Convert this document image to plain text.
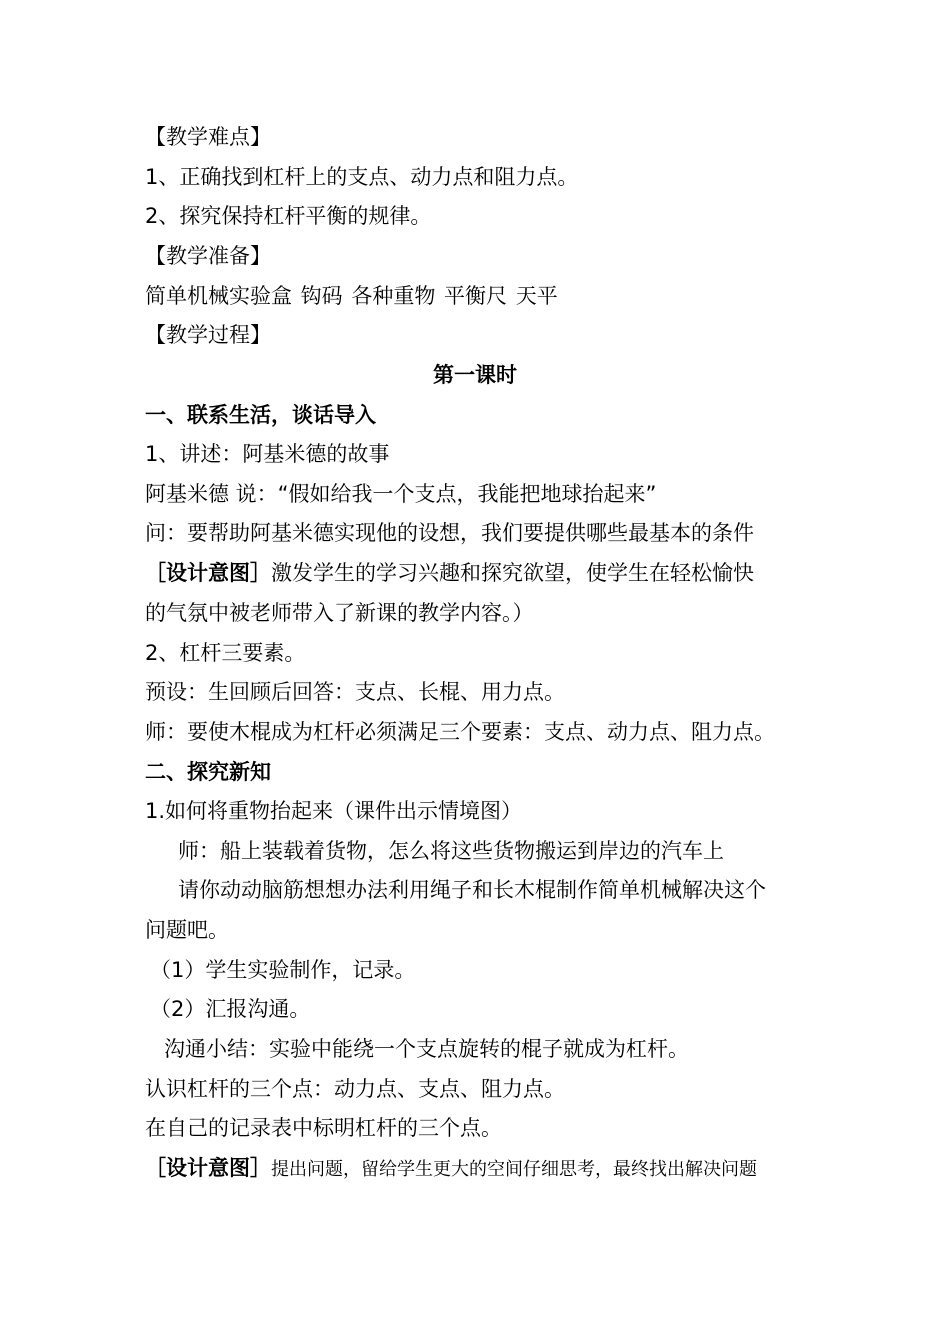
【教学难点】
1、正确找到杠杆上的支点、动力点和阻力点。
2、探究保持杠杆平衡的规律。
【教学准备】
简单机械实验盒 钩码 各种重物 平衡尺 天平
【教学过程】
第一课时
一、联系生活，谈话导入
1、讲述：阿基米德的故事
阿基米德 说：“假如给我一个支点，我能把地球抬起来”
问：要帮助阿基米德实现他的设想，我们要提供哪些最基本的条件
［设计意图］激发学生的学习兴趣和探究欲望，使学生在轻松愉快
的气氛中被老师带入了新课的教学内容。）
2、杠杆三要素。
预设：生回顾后回答：支点、长棍、用力点。
师：要使木棍成为杠杆必须满足三个要素：支点、动力点、阻力点。
二、探究新知
1.如何将重物抬起来（课件出示情境图）
师：船上装载着货物，怎么将这些货物搬运到岸边的汽车上
请你动动脑筋想想办法利用绳子和长木棍制作简单机械解决这个
问题吧。
（1）学生实验制作，记录。
（2）汇报沟通。
沟通小结：实验中能绕一个支点旋转的棍子就成为杠杆。
认识杠杆的三个点：动力点、支点、阻力点。
在自己的记录表中标明杠杆的三个点。
［设计意图］提出问题，留给学生更大的空间仔细思考，最终找出解决问题
